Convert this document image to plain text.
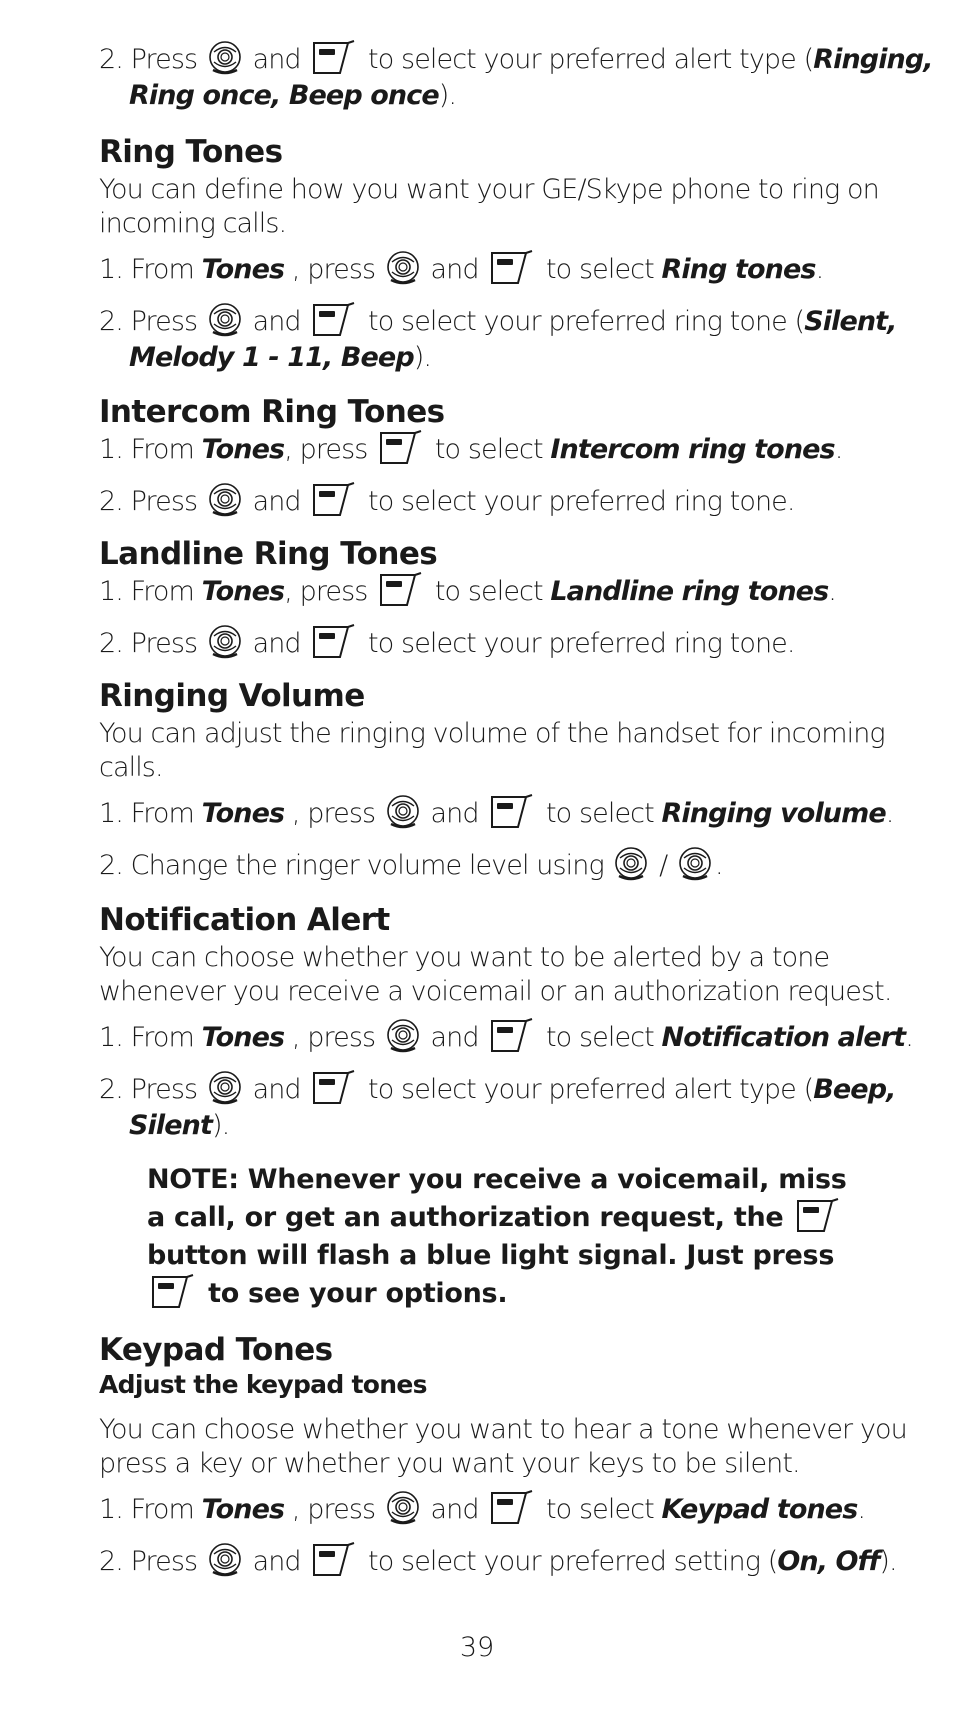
2. Press  and  to select your preferred alert type (Ringing,
Ring once, Beep once).
Ring Tones
You can define how you want your GE/Skype phone to ring on
incoming calls.
1. From Tones , press  and  to select Ring tones.
2. Press  and  to select your preferred ring tone (Silent,
Melody 1 - 11, Beep).
Intercom Ring Tones
1. From Tones, press  to select Intercom ring tones.
2. Press  and  to select your preferred ring tone.
Landline Ring Tones
1. From Tones, press  to select Landline ring tones.
2. Press  and  to select your preferred ring tone.
Ringing Volume
You can adjust the ringing volume of the handset for incoming
calls.
1. From Tones , press  and  to select Ringing volume.
2. Change the ringer volume level using  / .
Notification Alert
You can choose whether you want to be alerted by a tone
whenever you receive a voicemail or an authorization request.
1. From Tones , press  and  to select Notification alert.
2. Press  and  to select your preferred alert type (Beep,
Silent).
NOTE: Whenever you receive a voicemail, miss
a call, or get an authorization request, the
button will flash a blue light signal. Just press
to see your options.
Keypad Tones
Adjust the keypad tones
You can choose whether you want to hear a tone whenever you
press a key or whether you want your keys to be silent.
1. From Tones , press  and  to select Keypad tones.
2. Press  and  to select your preferred setting (On, Off).
39
